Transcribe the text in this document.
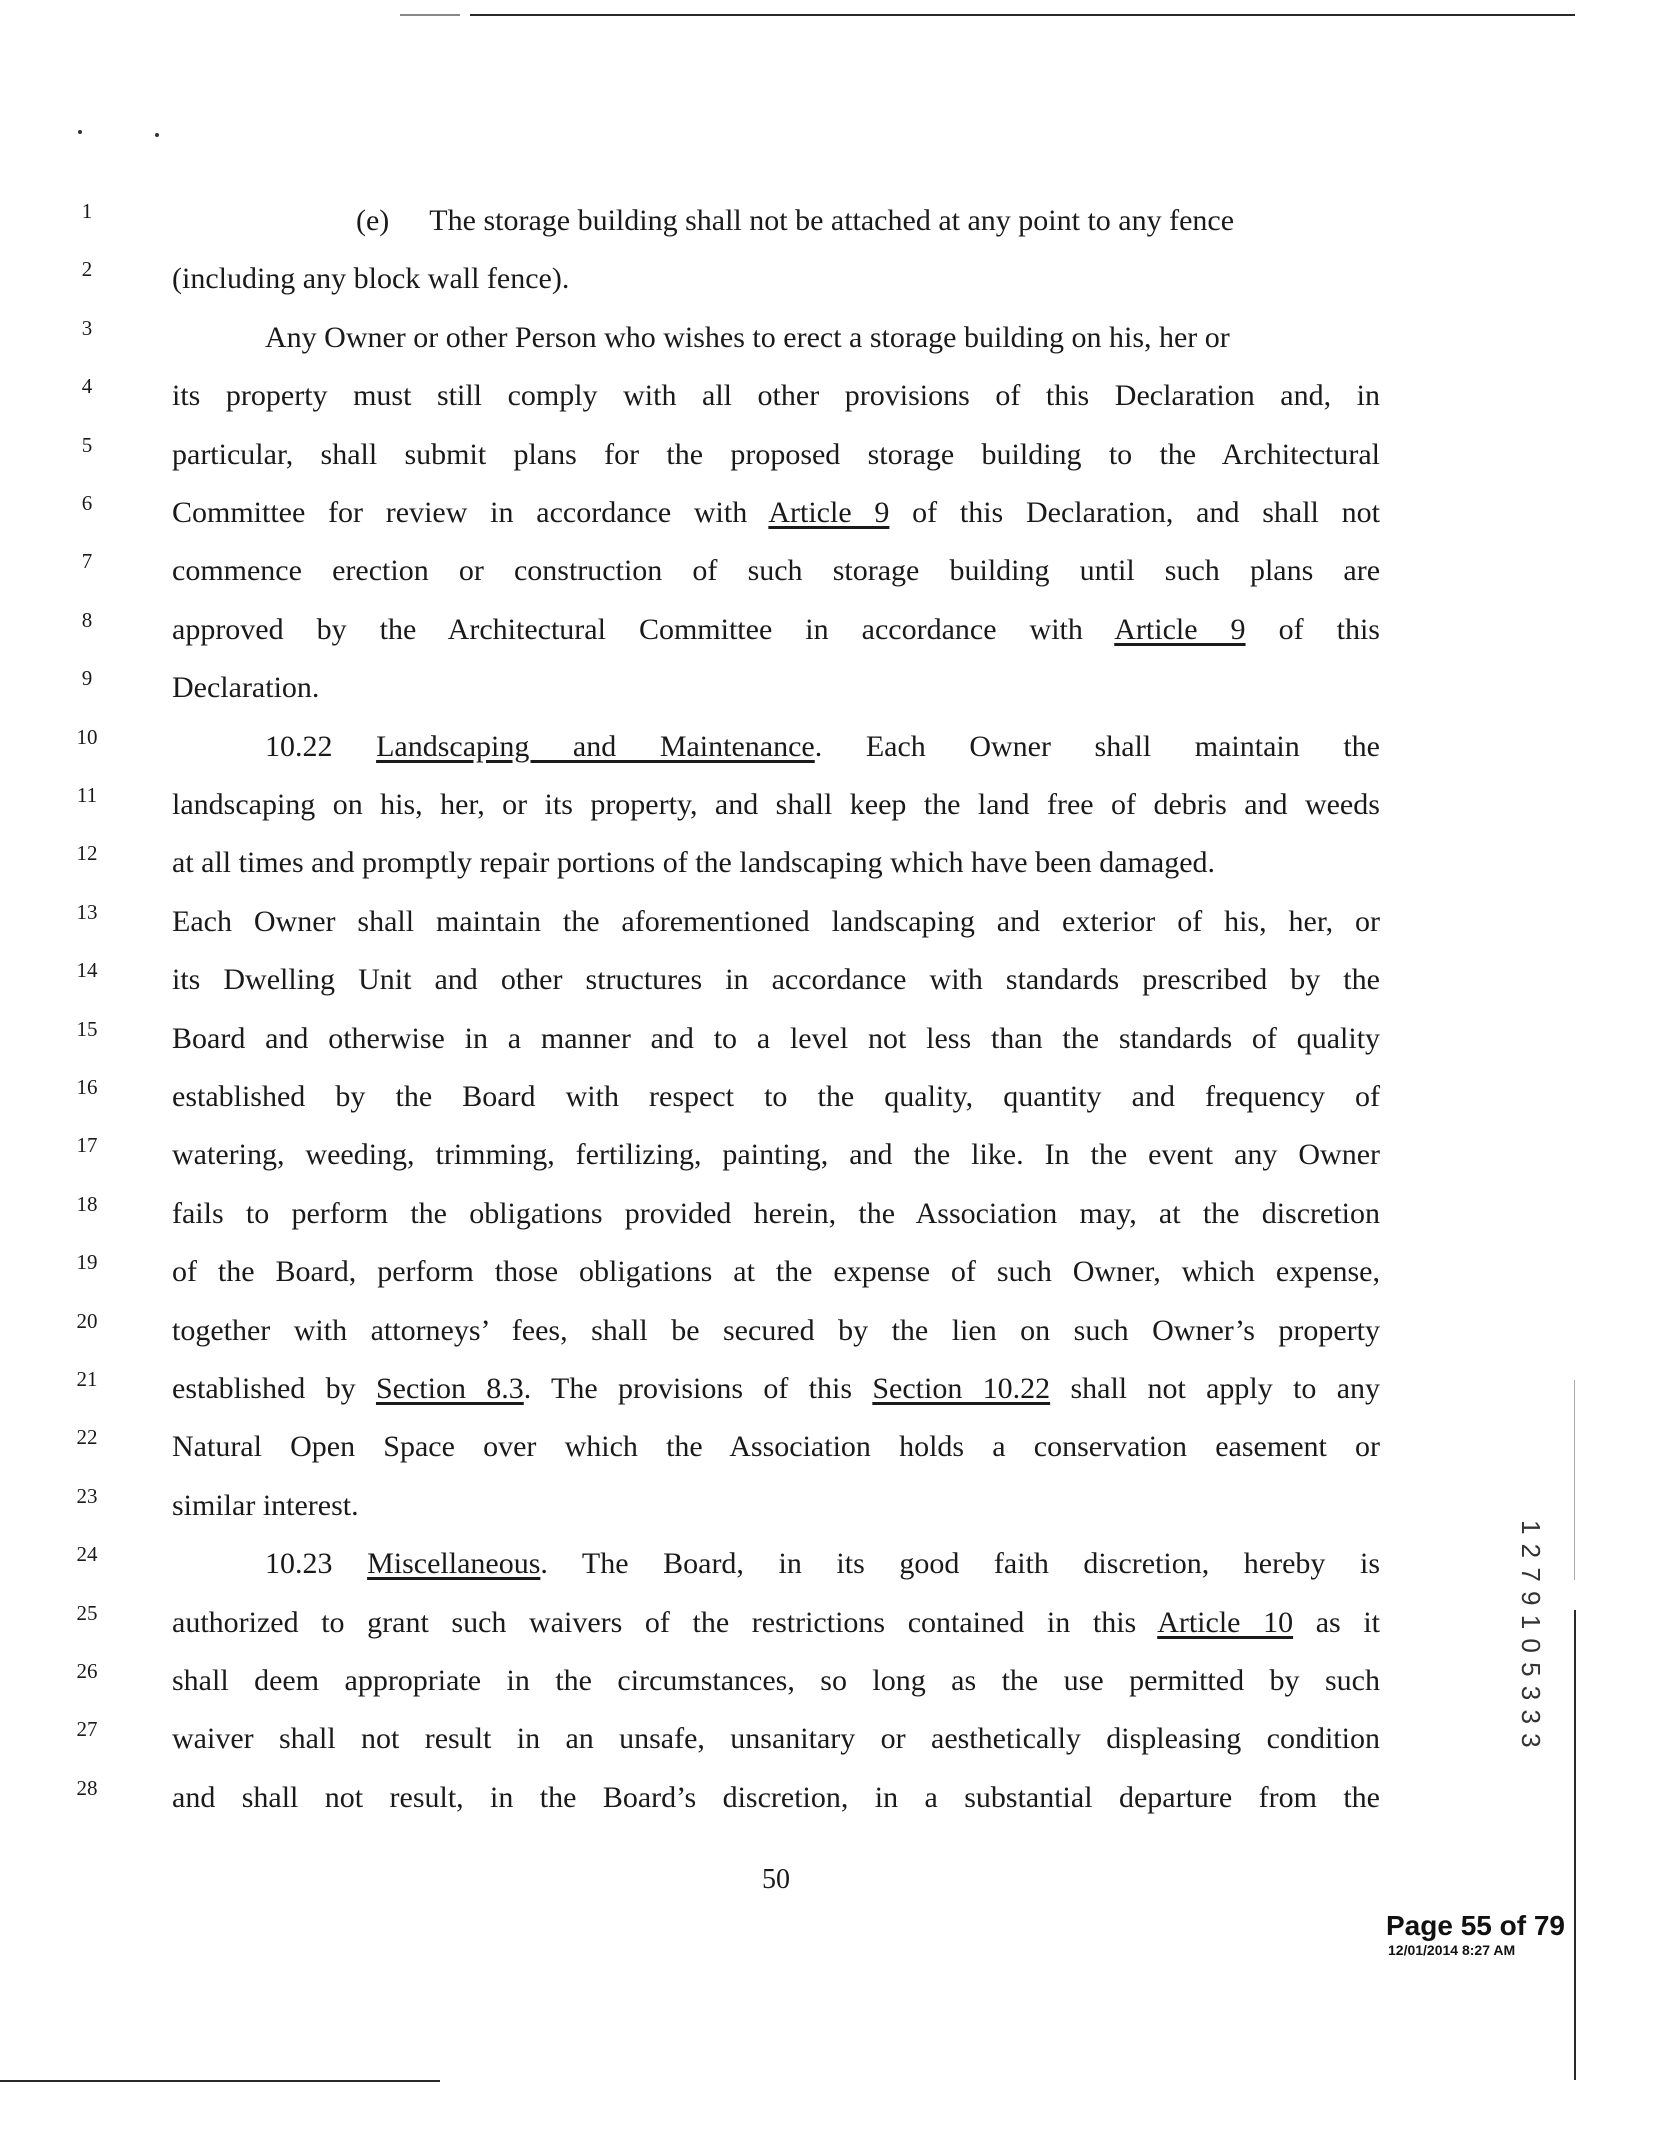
1
2
3
4
5
6
7
8
9
10
11
12
13
14
15
16
17
18
19
20
21
22
23
24
25
26
27
28
(e) The storage building shall not be attached at any point to any fence
(including any block wall fence).
Any Owner or other Person who wishes to erect a storage building on his, her or
its property must still comply with all other provisions of this Declaration and, in
particular, shall submit plans for the proposed storage building to the Architectural
Committee for review in accordance with Article 9 of this Declaration, and shall not
commence erection or construction of such storage building until such plans are
approved by the Architectural Committee in accordance with Article 9 of this
Declaration.
10.22 Landscaping and Maintenance. Each Owner shall maintain the
landscaping on his, her, or its property, and shall keep the land free of debris and weeds
at all times and promptly repair portions of the landscaping which have been damaged.
Each Owner shall maintain the aforementioned landscaping and exterior of his, her, or
its Dwelling Unit and other structures in accordance with standards prescribed by the
Board and otherwise in a manner and to a level not less than the standards of quality
established by the Board with respect to the quality, quantity and frequency of
watering, weeding, trimming, fertilizing, painting, and the like. In the event any Owner
fails to perform the obligations provided herein, the Association may, at the discretion
of the Board, perform those obligations at the expense of such Owner, which expense,
together with attorneys’ fees, shall be secured by the lien on such Owner’s property
established by Section 8.3. The provisions of this Section 10.22 shall not apply to any
Natural Open Space over which the Association holds a conservation easement or
similar interest.
10.23 Miscellaneous. The Board, in its good faith discretion, hereby is
authorized to grant such waivers of the restrictions contained in this Article 10 as it
shall deem appropriate in the circumstances, so long as the use permitted by such
waiver shall not result in an unsafe, unsanitary or aesthetically displeasing condition
and shall not result, in the Board’s discretion, in a substantial departure from the
50
1 2 7 9 1 0 5 3 3 3
Page 55 of 79
12/01/2014 8:27 AM
